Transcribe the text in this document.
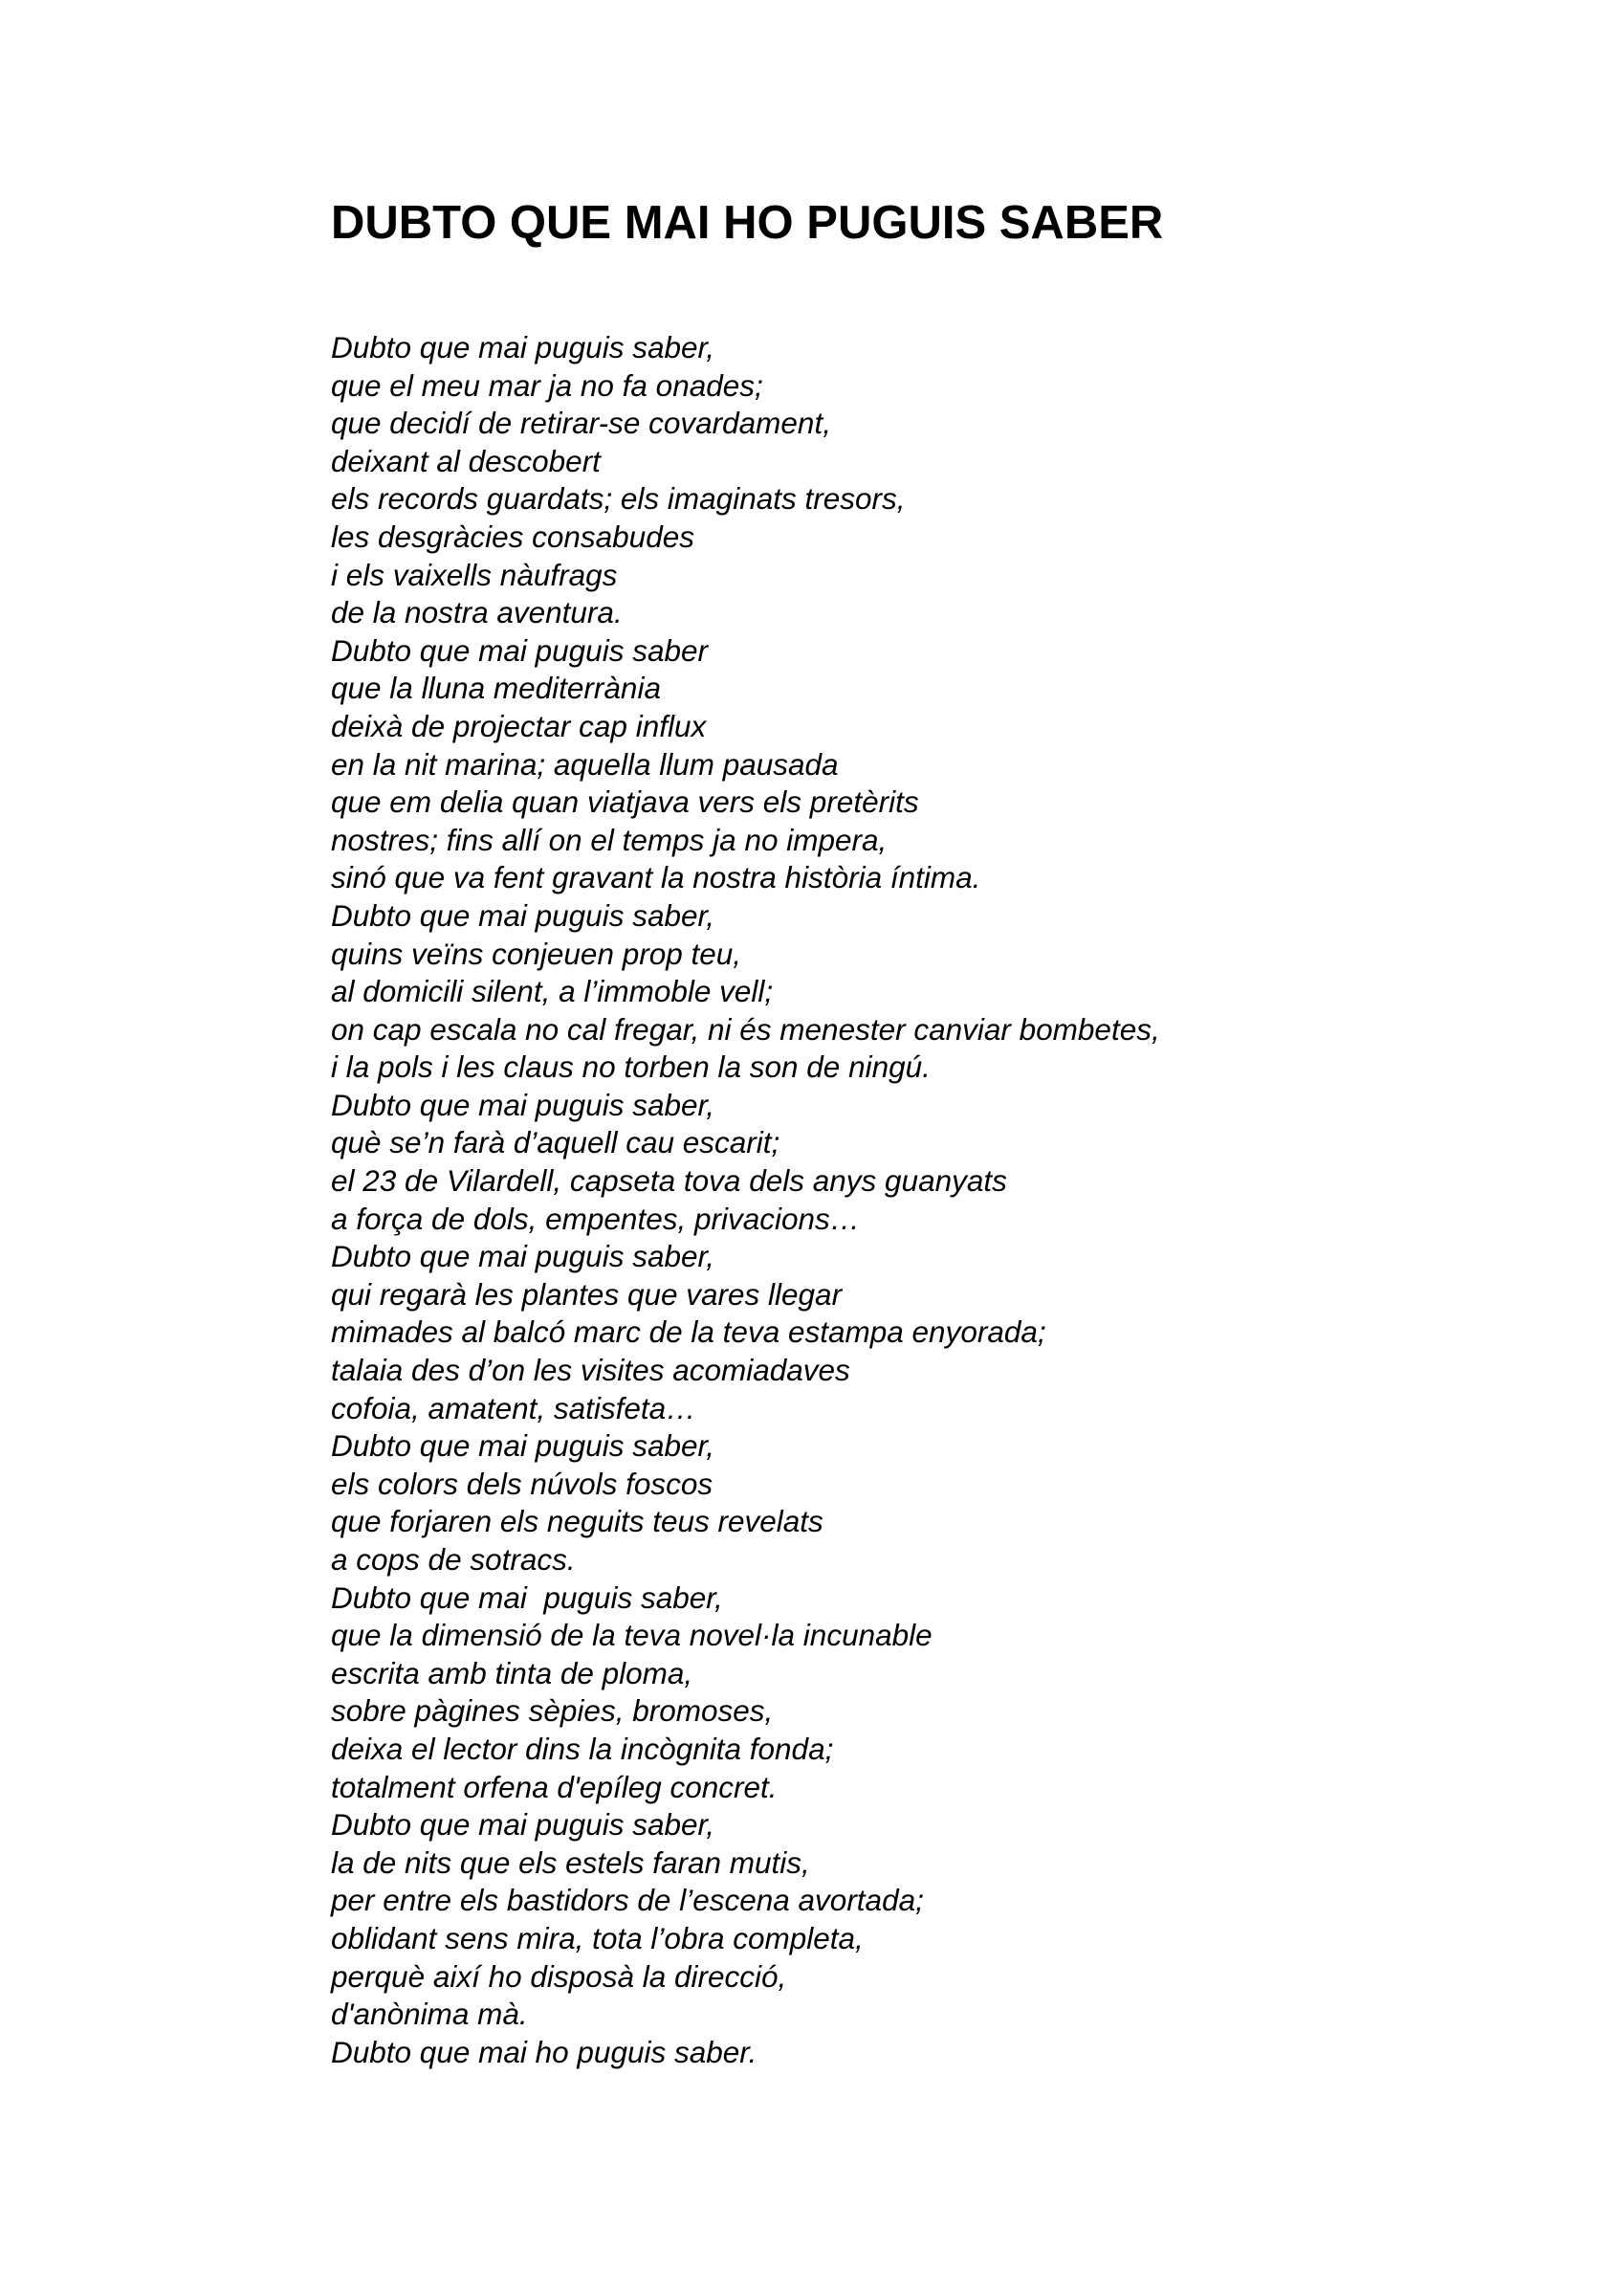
DUBTO QUE MAI HO PUGUIS SABER
Dubto que mai puguis saber,
que el meu mar ja no fa onades;
que decidí de retirar-se covardament,
deixant al descobert
els records guardats; els imaginats tresors,
les desgràcies consabudes
i els vaixells nàufrags
de la nostra aventura.
Dubto que mai puguis saber
que la lluna mediterrània
deixà de projectar cap influx
en la nit marina; aquella llum pausada
que em delia quan viatjava vers els pretèrits
nostres; fins allí on el temps ja no impera,
sinó que va fent gravant la nostra història íntima.
Dubto que mai puguis saber,
quins veïns conjeuen prop teu,
al domicili silent, a l’immoble vell;
on cap escala no cal fregar, ni és menester canviar bombetes,
i la pols i les claus no torben la son de ningú.
Dubto que mai puguis saber,
què se’n farà d’aquell cau escarit;
el 23 de Vilardell, capseta tova dels anys guanyats
a força de dols, empentes, privacions…
Dubto que mai puguis saber,
qui regarà les plantes que vares llegar
mimades al balcó marc de la teva estampa enyorada;
talaia des d’on les visites acomiadaves
cofoia, amatent, satisfeta…
Dubto que mai puguis saber,
els colors dels núvols foscos
que forjaren els neguits teus revelats
a cops de sotracs.
Dubto que mai  puguis saber,
que la dimensió de la teva novel·la incunable
escrita amb tinta de ploma,
sobre pàgines sèpies, bromoses,
deixa el lector dins la incògnita fonda;
totalment orfena d'epíleg concret.
Dubto que mai puguis saber,
la de nits que els estels faran mutis,
per entre els bastidors de l’escena avortada;
oblidant sens mira, tota l’obra completa,
perquè així ho disposà la direcció,
d'anònima mà.
Dubto que mai ho puguis saber.
